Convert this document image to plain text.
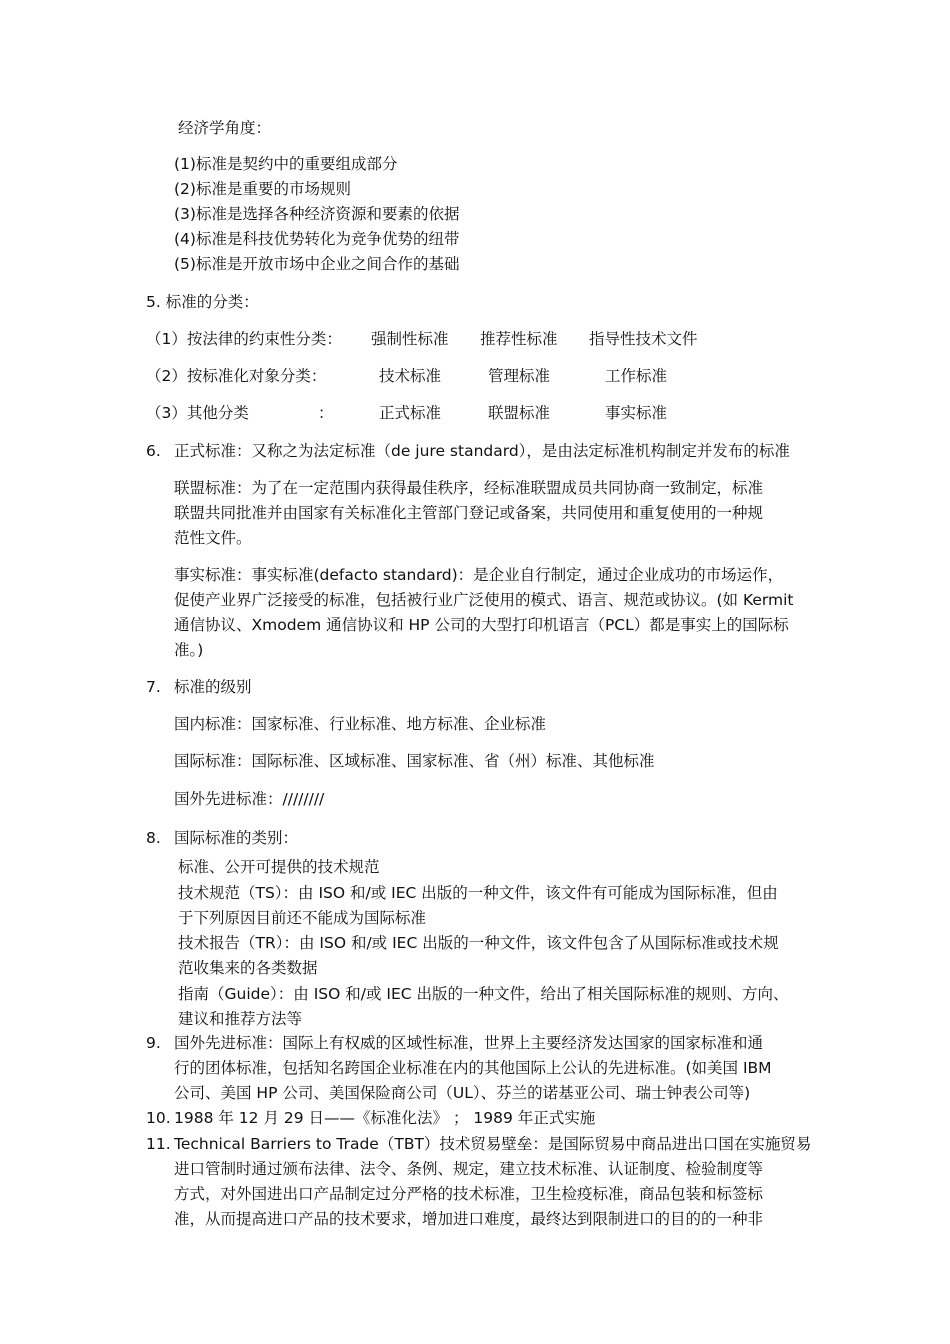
经济学角度：
(1)标准是契约中的重要组成部分
(2)标准是重要的市场规则
(3)标准是选择各种经济资源和要素的依据
(4)标准是科技优势转化为竞争优势的纽带
(5)标准是开放市场中企业之间合作的基础
5. 标准的分类：
（1）按法律的约束性分类： 强制性标准 推荐性标准 指导性技术文件
（2）按标准化对象分类：	技术标准	管理标准	工作标准
（3）其他分类	：	正式标准	联盟标准	事实标准
6. 正式标准：又称之为法定标准（de jure standard），是由法定标准机构制定并发布的标准
联盟标准：为了在一定范围内获得最佳秩序，经标准联盟成员共同协商一致制定，标准
联盟共同批准并由国家有关标准化主管部门登记或备案，共同使用和重复使用的一种规
范性文件。
事实标准：事实标准(defacto standard)：是企业自行制定，通过企业成功的市场运作，
促使产业界广泛接受的标准，包括被行业广泛使用的模式、语言、规范或协议。(如 Kermit
通信协议、Xmodem 通信协议和 HP 公司的大型打印机语言（PCL）都是事实上的国际标
准。)
7. 标准的级别
国内标准：国家标准、行业标准、地方标准、企业标准
国际标准：国际标准、区域标准、国家标准、省（州）标准、其他标准
国外先进标准：////////
8. 国际标准的类别：
标准、公开可提供的技术规范
技术规范（TS）：由 ISO 和/或 IEC 出版的一种文件，该文件有可能成为国际标准，但由
于下列原因目前还不能成为国际标准
技术报告（TR）：由 ISO 和/或 IEC 出版的一种文件，该文件包含了从国际标准或技术规
范收集来的各类数据
指南（Guide）：由 ISO 和/或 IEC 出版的一种文件，给出了相关国际标准的规则、方向、
建议和推荐方法等
9. 国外先进标准：国际上有权威的区域性标准，世界上主要经济发达国家的国家标准和通
行的团体标准，包括知名跨国企业标准在内的其他国际上公认的先进标准。(如美国 IBM
公司、美国 HP 公司、美国保险商公司（UL）、芬兰的诺基亚公司、瑞士钟表公司等)
10. 1988 年 12 月 29 日——《标准化法》 ； 1989 年正式实施
11. Technical Barriers to Trade（TBT）技术贸易壁垒：是国际贸易中商品进出口国在实施贸易
进口管制时通过颁布法律、法令、条例、规定，建立技术标准、认证制度、检验制度等
方式，对外国进出口产品制定过分严格的技术标准，卫生检疫标准，商品包装和标签标
准，从而提高进口产品的技术要求，增加进口难度，最终达到限制进口的目的的一种非
